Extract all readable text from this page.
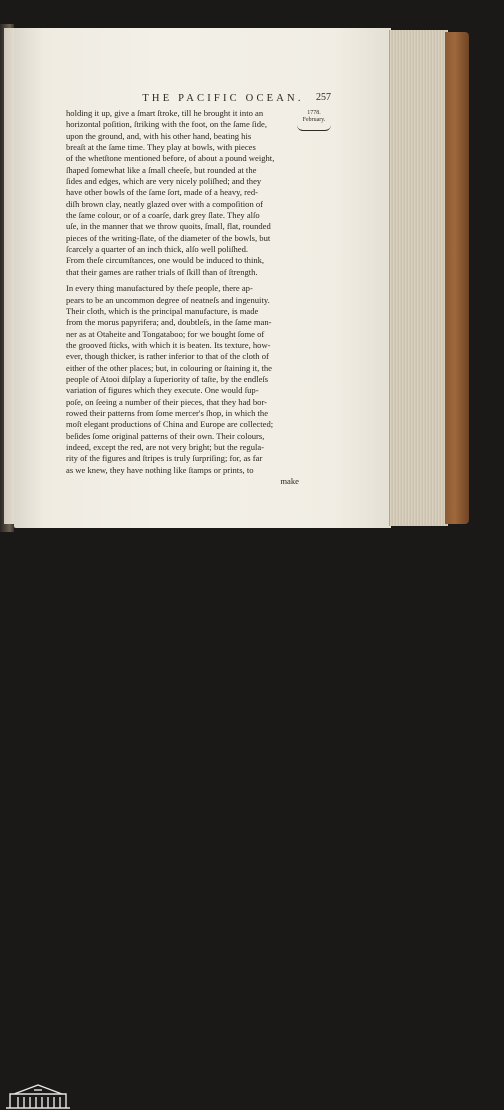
THE PACIFIC OCEAN.	257
1778.
February.
holding it up, give a ſmart ſtroke, till he brought it into an
horizontal poſition, ſtriking with the foot, on the ſame ſide,
upon the ground, and, with his other hand, beating his
breaſt at the ſame time. They play at bowls, with pieces
of the whetſtone mentioned before, of about a pound weight,
ſhaped ſomewhat like a ſmall cheeſe, but rounded at the
ſides and edges, which are very nicely poliſhed; and they
have other bowls of the ſame ſort, made of a heavy, red-
diſh brown clay, neatly glazed over with a compoſition of
the ſame colour, or of a coarſe, dark grey ſlate. They alſo
uſe, in the manner that we throw quoits, ſmall, flat, rounded
pieces of the writing-ſlate, of the diameter of the bowls, but
ſcarcely a quarter of an inch thick, alſo well poliſhed.
From theſe circumſtances, one would be induced to think,
that their games are rather trials of ſkill than of ſtrength.
In every thing manufactured by theſe people, there ap-
pears to be an uncommon degree of neatneſs and ingenuity.
Their cloth, which is the principal manufacture, is made
from the morus papyrifera; and, doubtleſs, in the ſame man-
ner as at Otaheite and Tongataboo; for we bought ſome of
the grooved ſticks, with which it is beaten. Its texture, how-
ever, though thicker, is rather inferior to that of the cloth of
either of the other places; but, in colouring or ſtaining it, the
people of Atooi diſplay a ſuperiority of taſte, by the endleſs
variation of figures which they execute. One would ſup-
poſe, on ſeeing a number of their pieces, that they had bor-
rowed their patterns from ſome mercer's ſhop, in which the
moſt elegant productions of China and Europe are collected;
beſides ſome original patterns of their own. Their colours,
indeed, except the red, are not very bright; but the regula-
rity of the figures and ſtripes is truly ſurpriſing; for, as far
as we knew, they have nothing like ſtamps or prints, to
make
